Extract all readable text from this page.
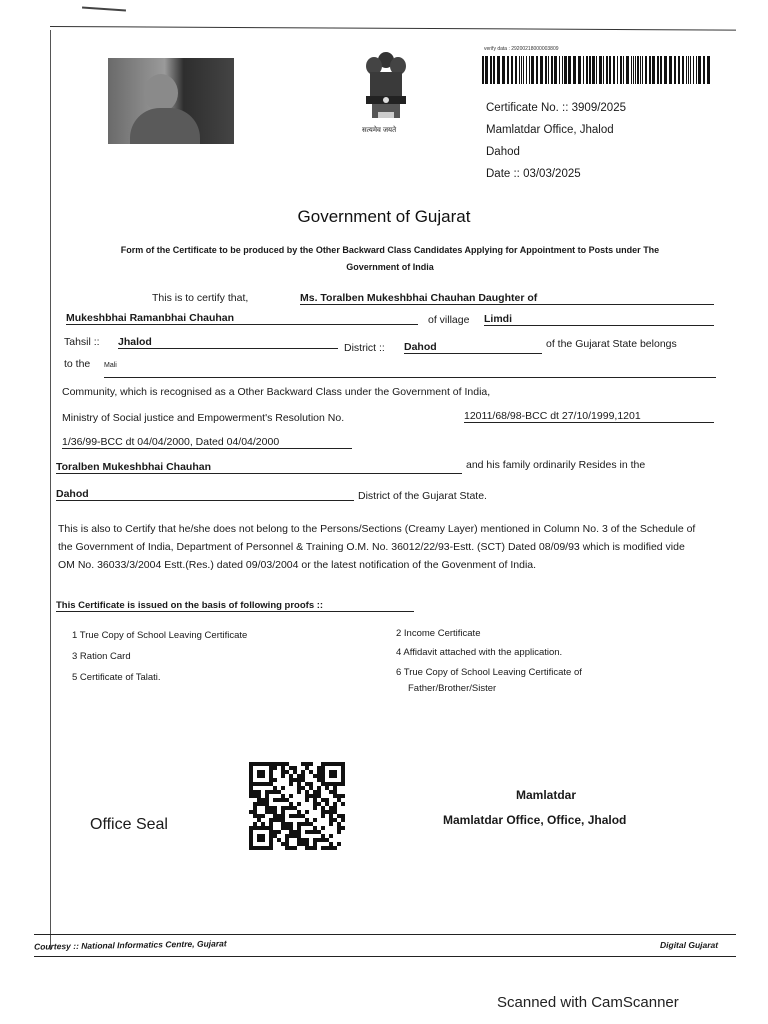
सत्यमेव जयते
verify data : 29200218000003809
Certificate No. :: 3909/2025
Mamlatdar Office, Jhalod
Dahod
Date :: 03/03/2025
Government of Gujarat
Form of the Certificate to be produced by the Other Backward Class Candidates Applying for Appointment to Posts under The Government of India
This is to certify that,	Ms. Toralben Mukeshbhai Chauhan Daughter of
Mukeshbhai Ramanbhai Chauhan	of village Limdi
Tahsil :: Jhalod	District :: Dahod	of the Gujarat State belongs
to the Mali
Community, which is recognised as a Other Backward Class under the Government of India,
Ministry of Social justice and Empowerment's Resolution No.	12011/68/98-BCC dt 27/10/1999,1201
1/36/99-BCC dt 04/04/2000, Dated 04/04/2000
Toralben Mukeshbhai Chauhan	and his family ordinarily Resides in the
Dahod	District of the Gujarat State.
This is also to Certify that he/she does not belong to the Persons/Sections (Creamy Layer) mentioned in Column No. 3 of the Schedule of the Government of India, Department of Personnel & Training O.M. No. 36012/22/93-Estt. (SCT) Dated 08/09/93 which is modified vide OM No. 36033/3/2004 Estt.(Res.) dated 09/03/2004 or the latest notification of the Govenment of India.
This Certificate is issued on the basis of following proofs ::
1 True Copy of School Leaving Certificate	2 Income Certificate
3 Ration Card	4 Affidavit attached with the application.
5 Certificate of Talati.	6 True Copy of School Leaving Certificate of
Father/Brother/Sister
Office Seal
Mamlatdar
Mamlatdar Office, Office, Jhalod
Courtesy :: National Informatics Centre, Gujarat	Digital Gujarat
Scanned with CamScanner
